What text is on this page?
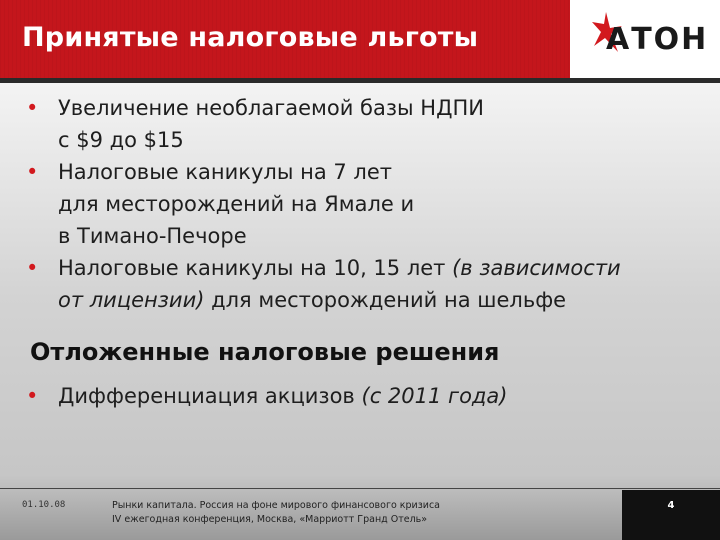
Принятые налоговые льготы	АТОН
• Увеличение необлагаемой базы НДПИ
с $9 до $15
• Налоговые каникулы на 7 лет
для месторождений на Ямале и
в Тимано-Печоре
• Налоговые каникулы на 10, 15 лет (в зависимости
от лицензии) для месторождений на шельфе
Отложенные налоговые решения
• Дифференциация акцизов (с 2011 года)
01.10.08	Рынки капитала. Россия на фоне мирового финансового кризиса
IV ежегодная конференция, Москва, «Марриотт Гранд Отель»
4
